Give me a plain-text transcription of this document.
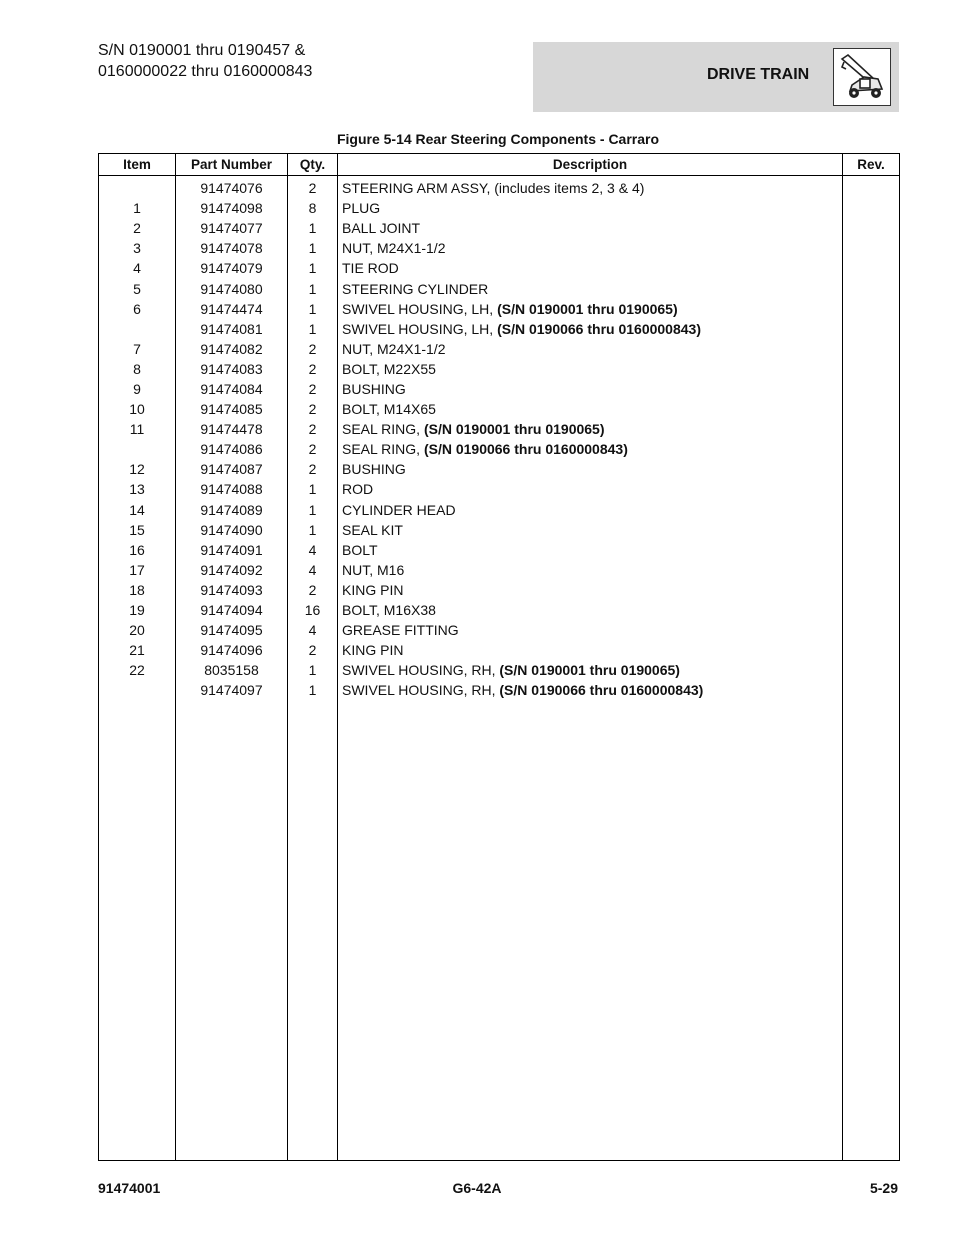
S/N 0190001 thru 0190457 &
0160000022 thru 0160000843	DRIVE TRAIN
Figure 5-14 Rear Steering Components - Carraro
Item	Part Number	Qty.	Description	Rev.
	91474076	2	STEERING ARM ASSY, (includes items 2, 3 & 4)	
1	91474098	8	PLUG	
2	91474077	1	BALL JOINT	
3	91474078	1	NUT, M24X1-1/2	
4	91474079	1	TIE ROD	
5	91474080	1	STEERING CYLINDER	
6	91474474	1	SWIVEL HOUSING, LH, (S/N 0190001 thru 0190065)	
	91474081	1	SWIVEL HOUSING, LH, (S/N 0190066 thru 0160000843)	
7	91474082	2	NUT, M24X1-1/2	
8	91474083	2	BOLT, M22X55	
9	91474084	2	BUSHING	
10	91474085	2	BOLT, M14X65	
11	91474478	2	SEAL RING, (S/N 0190001 thru 0190065)	
	91474086	2	SEAL RING, (S/N 0190066 thru 0160000843)	
12	91474087	2	BUSHING	
13	91474088	1	ROD	
14	91474089	1	CYLINDER HEAD	
15	91474090	1	SEAL KIT	
16	91474091	4	BOLT	
17	91474092	4	NUT, M16	
18	91474093	2	KING PIN	
19	91474094	16	BOLT, M16X38	
20	91474095	4	GREASE FITTING	
21	91474096	2	KING PIN	
22	8035158	1	SWIVEL HOUSING, RH, (S/N 0190001 thru 0190065)	
	91474097	1	SWIVEL HOUSING, RH, (S/N 0190066 thru 0160000843)	

91474001	G6-42A	5-29
